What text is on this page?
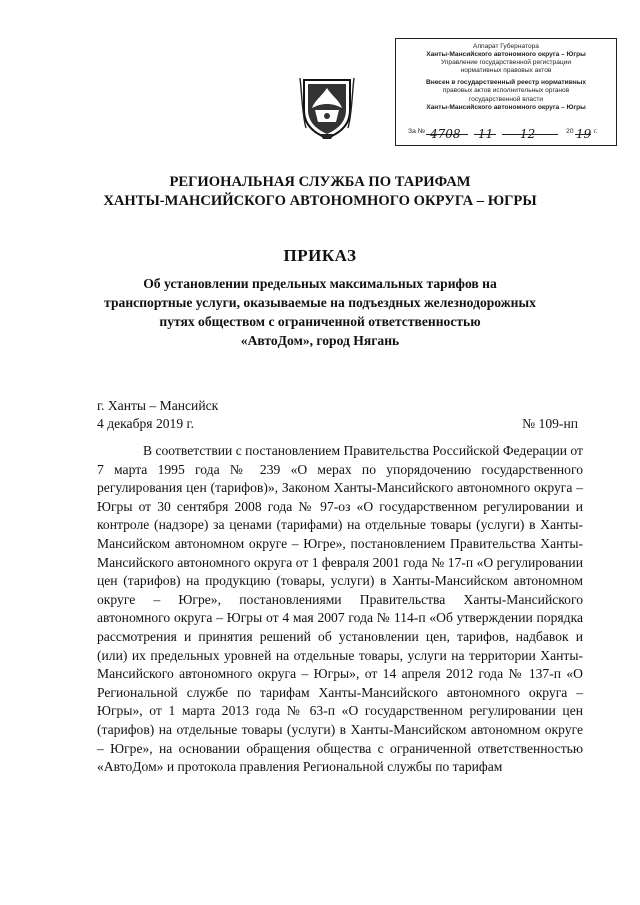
Аппарат Губернатора
Ханты-Мансийского автономного округа – Югры
Управление государственной регистрации
нормативных правовых актов
Внесен в государственный реестр нормативных
правовых актов исполнительных органов
государственной власти
Ханты-Мансийского автономного округа – Югры
За № 4708 11 12	20 19 г.
РЕГИОНАЛЬНАЯ СЛУЖБА ПО ТАРИФАМ
ХАНТЫ-МАНСИЙСКОГО АВТОНОМНОГО ОКРУГА – ЮГРЫ
ПРИКАЗ
Об установлении предельных максимальных тарифов на
транспортные услуги, оказываемые на подъездных железнодорожных
путях обществом с ограниченной ответственностью
«АвтоДом», город Нягань
г. Ханты – Мансийск
4 декабря 2019 г.	№ 109-нп
В соответствии с постановлением Правительства Российской Федерации от 7 марта 1995 года № 239 «О мерах по упорядочению государственного регулирования цен (тарифов)», Законом Ханты-Мансийского автономного округа – Югры от 30 сентября 2008 года № 97-оз «О государственном регулировании и контроле (надзоре) за ценами (тарифами) на отдельные товары (услуги) в Ханты-Мансийском автономном округе – Югре», постановлением Правительства Ханты-Мансийского автономного округа от 1 февраля 2001 года № 17-п «О регулировании цен (тарифов) на продукцию (товары, услуги) в Ханты-Мансийском автономном округе – Югре», постановлениями Правительства Ханты-Мансийского автономного округа – Югры от 4 мая 2007 года № 114-п «Об утверждении порядка рассмотрения и принятия решений об установлении цен, тарифов, надбавок и (или) их предельных уровней на отдельные товары, услуги на территории Ханты-Мансийского автономного округа – Югры», от 14 апреля 2012 года № 137-п «О Региональной службе по тарифам Ханты-Мансийского автономного округа – Югры», от 1 марта 2013 года № 63-п «О государственном регулировании цен (тарифов) на отдельные товары (услуги) в Ханты-Мансийском автономном округе – Югре», на основании обращения общества с ограниченной ответственностью «АвтоДом» и протокола правления Региональной службы по тарифам
